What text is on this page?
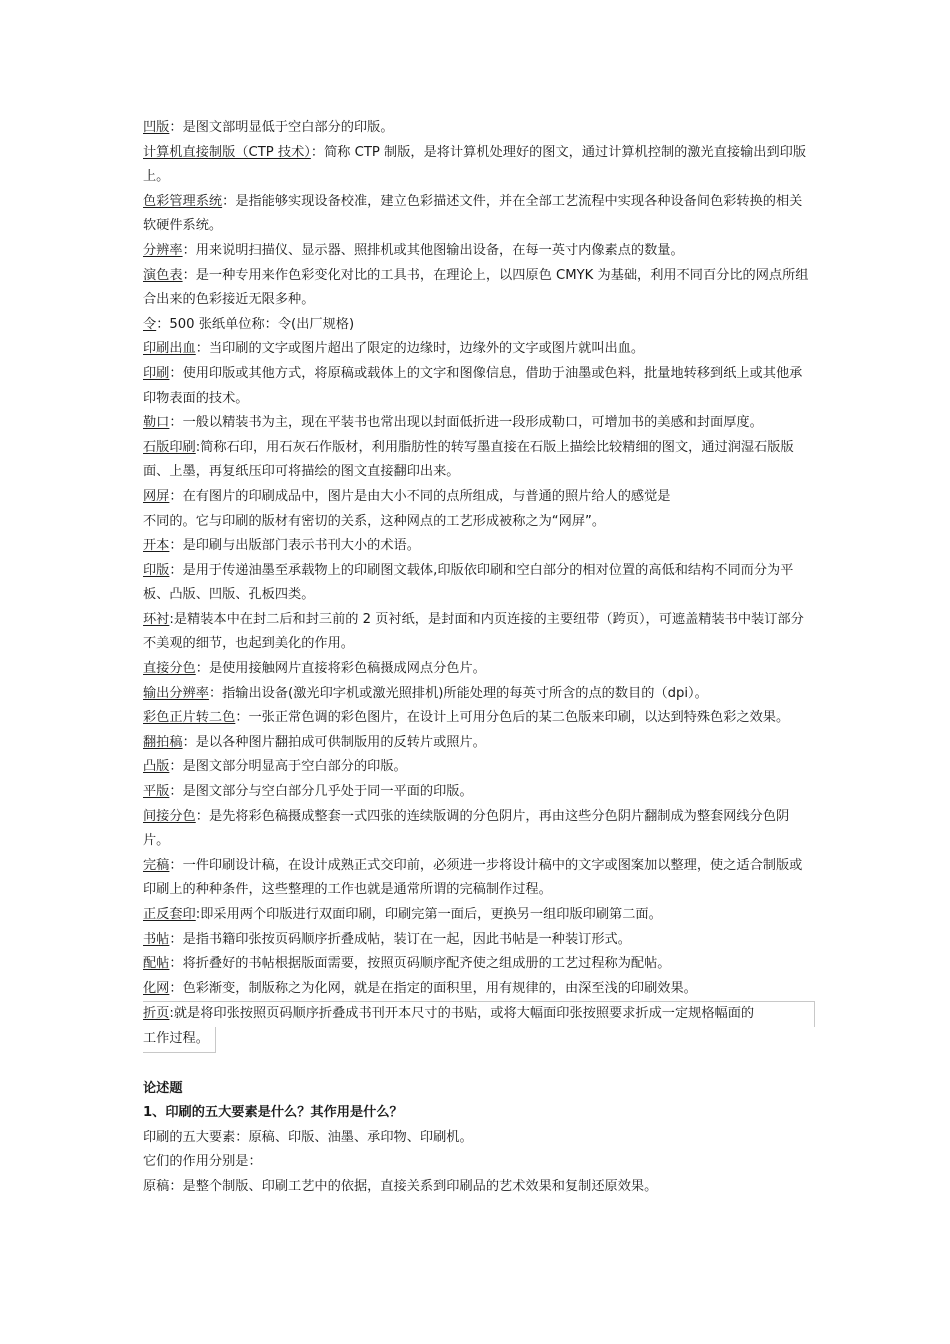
凹版：是图文部明显低于空白部分的印版。
计算机直接制版（CTP 技术）：简称 CTP 制版，是将计算机处理好的图文，通过计算机控制的激光直接输出到印版上。
色彩管理系统：是指能够实现设备校准，建立色彩描述文件，并在全部工艺流程中实现各种设备间色彩转换的相关软硬件系统。
分辨率：用来说明扫描仪、显示器、照排机或其他图输出设备，在每一英寸内像素点的数量。
演色表：是一种专用来作色彩变化对比的工具书，在理论上，以四原色 CMYK 为基础，利用不同百分比的网点所组合出来的色彩接近无限多种。
令：500 张纸单位称：令(出厂规格)
印刷出血：当印刷的文字或图片超出了限定的边缘时，边缘外的文字或图片就叫出血。
印刷：使用印版或其他方式，将原稿或载体上的文字和图像信息，借助于油墨或色料，批量地转移到纸上或其他承印物表面的技术。
勒口：一般以精装书为主，现在平装书也常出现以封面低折进一段形成勒口，可增加书的美感和封面厚度。
石版印刷:简称石印，用石灰石作版材，利用脂肪性的转写墨直接在石版上描绘比较精细的图文，通过润湿石版版面、上墨，再复纸压印可将描绘的图文直接翻印出来。
网屏：在有图片的印刷成品中，图片是由大小不同的点所组成，与普通的照片给人的感觉是
不同的。它与印刷的版材有密切的关系，这种网点的工艺形成被称之为“网屏”。
开本：是印刷与出版部门表示书刊大小的术语。
印版：是用于传递油墨至承载物上的印刷图文载体,印版依印刷和空白部分的相对位置的高低和结构不同而分为平板、凸版、凹版、孔板四类。
环衬:是精装本中在封二后和封三前的 2 页衬纸，是封面和内页连接的主要纽带（跨页），可遮盖精装书中装订部分不美观的细节，也起到美化的作用。
直接分色：是使用接触网片直接将彩色稿摄成网点分色片。
输出分辨率：指输出设备(激光印字机或激光照排机)所能处理的每英寸所含的点的数目的（dpi）。
彩色正片转二色：一张正常色调的彩色图片，在设计上可用分色后的某二色版来印刷，以达到特殊色彩之效果。
翻拍稿：是以各种图片翻拍成可供制版用的反转片或照片。
凸版：是图文部分明显高于空白部分的印版。
平版：是图文部分与空白部分几乎处于同一平面的印版。
间接分色：是先将彩色稿摄成整套一式四张的连续版调的分色阴片，再由这些分色阴片翻制成为整套网线分色阴片。
完稿：一件印刷设计稿，在设计成熟正式交印前，必须进一步将设计稿中的文字或图案加以整理，使之适合制版或印刷上的种种条件，这些整理的工作也就是通常所谓的完稿制作过程。
正反套印:即采用两个印版进行双面印刷，印刷完第一面后，更换另一组印版印刷第二面。
书帖：是指书籍印张按页码顺序折叠成帖，装订在一起，因此书帖是一种装订形式。
配帖：将折叠好的书帖根据版面需要，按照页码顺序配齐使之组成册的工艺过程称为配帖。
化网：色彩渐变，制版称之为化网，就是在指定的面积里，用有规律的，由深至浅的印刷效果。
折页:就是将印张按照页码顺序折叠成书刊开本尺寸的书贴，或将大幅面印张按照要求折成一定规格幅面的
工作过程。
论述题
1、印刷的五大要素是什么？其作用是什么？
印刷的五大要素：原稿、印版、油墨、承印物、印刷机。
它们的作用分别是：
原稿：是整个制版、印刷工艺中的依据，直接关系到印刷品的艺术效果和复制还原效果。
